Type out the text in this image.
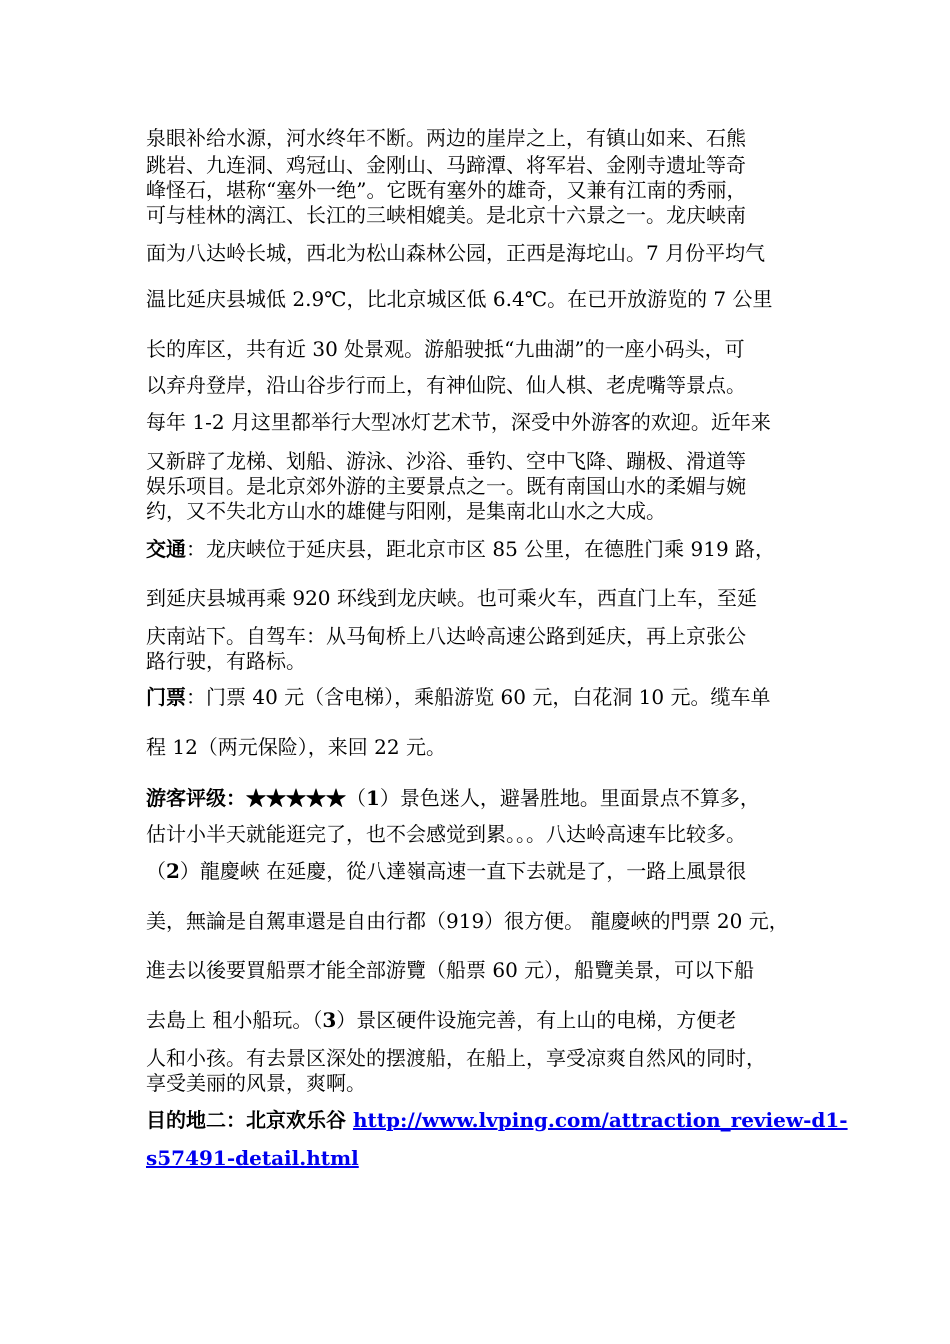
泉眼补给水源，河水终年不断。两边的崖岸之上，有镇山如来、石熊
跳岩、九连洞、鸡冠山、金刚山、马蹄潭、将军岩、金刚寺遗址等奇
峰怪石，堪称“塞外一绝”。它既有塞外的雄奇，又兼有江南的秀丽，
可与桂林的漓江、长江的三峡相媲美。是北京十六景之一。龙庆峡南
面为八达岭长城，西北为松山森林公园，正西是海坨山。7 月份平均气
温比延庆县城低 2.9℃，比北京城区低 6.4℃。在已开放游览的 7 公里
长的库区，共有近 30 处景观。游船驶抵“九曲湖”的一座小码头，可
以弃舟登岸，沿山谷步行而上，有神仙院、仙人棋、老虎嘴等景点。
每年 1-2 月这里都举行大型冰灯艺术节，深受中外游客的欢迎。近年来
又新辟了龙梯、划船、游泳、沙浴、垂钓、空中飞降、蹦极、滑道等
娱乐项目。是北京郊外游的主要景点之一。既有南国山水的柔媚与婉
约，又不失北方山水的雄健与阳刚，是集南北山水之大成。
交通：龙庆峡位于延庆县，距北京市区 85 公里，在德胜门乘 919 路，
到延庆县城再乘 920 环线到龙庆峡。也可乘火车，西直门上车，至延
庆南站下。自驾车：从马甸桥上八达岭高速公路到延庆，再上京张公
路行驶，有路标。
门票：门票 40 元（含电梯），乘船游览 60 元，白花洞 10 元。缆车单
程 12（两元保险），来回 22 元。
游客评级：★★★★★（1）景色迷人，避暑胜地。里面景点不算多，
估计小半天就能逛完了，也不会感觉到累。。。八达岭高速车比较多。
（2）龍慶峽 在延慶，從八達嶺高速一直下去就是了，一路上風景很
美，無論是自駕車還是自由行都（919）很方便。 龍慶峽的門票 20 元，
進去以後要買船票才能全部游覽（船票 60 元），船覽美景，可以下船
去島上 租小船玩。（3）景区硬件设施完善，有上山的电梯，方便老
人和小孩。有去景区深处的摆渡船，在船上，享受凉爽自然风的同时，
享受美丽的风景，爽啊。
目的地二：北京欢乐谷 http://www.lvping.com/attraction_review-d1-
s57491-detail.html
